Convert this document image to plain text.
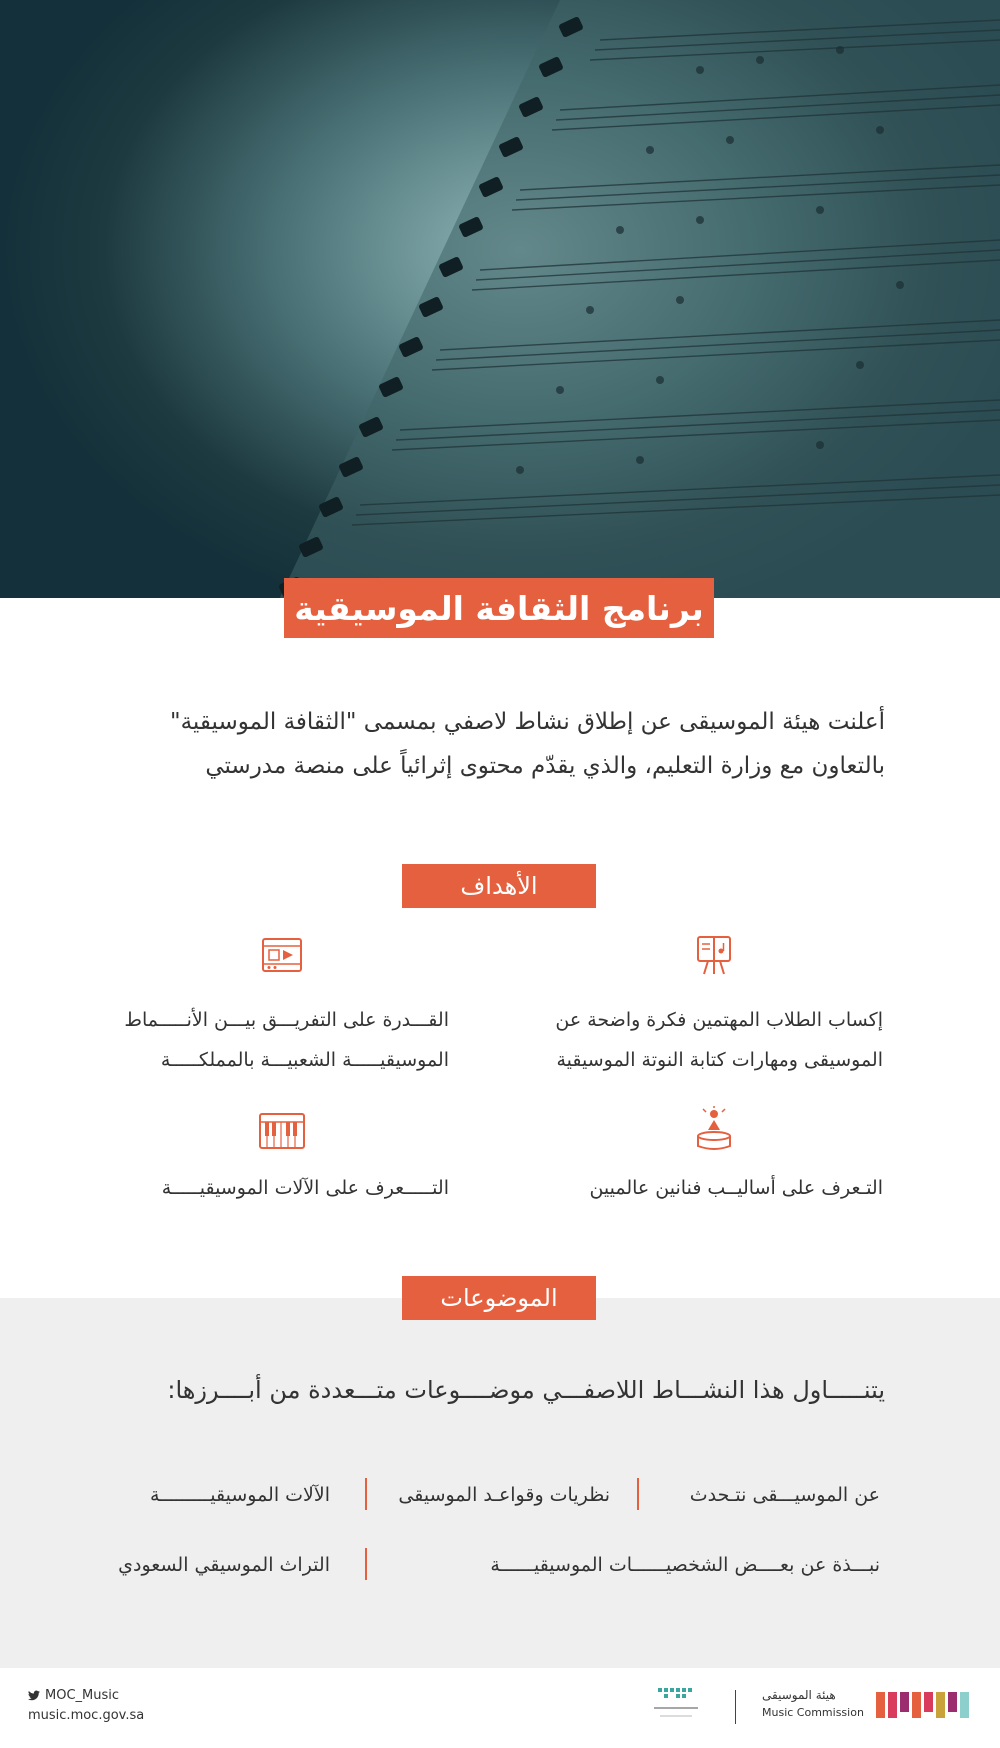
برنامج الثقافة الموسيقية
أعلنت هيئة الموسيقى عن إطلاق نشاط لاصفي بمسمى "الثقافة الموسيقية"
بالتعاون مع وزارة التعليم، والذي يقدّم محتوى إثرائياً على منصة مدرستي
الأهداف
إكساب الطلاب المهتمين فكرة واضحة عن
الموسيقى ومهارات كتابة النوتة الموسيقية
القـــدرة على التفريـــق بيـــن الأنـــــماط
الموسيقيـــــة الشعبيـــة بالمملكـــــة
التـعرف على أساليــب فنانين عالميين
التـــــعرف على الآلات الموسيقيـــــة
الموضوعات
يتنـــــاول هذا النشـــاط اللاصفـــي موضــــوعات متـــعددة من أبــــرزها:
عن الموسيـــقى نتـحدث
نظريات وقواعـد الموسيقى
الآلات الموسيقيـــــــــة
نبـــذة عن بعــــض الشخصيــــــات الموسيقيــــــة
التراث الموسيقي السعودي
MOC_Music
music.moc.gov.sa
هيئة الموسيقى
Music Commission
